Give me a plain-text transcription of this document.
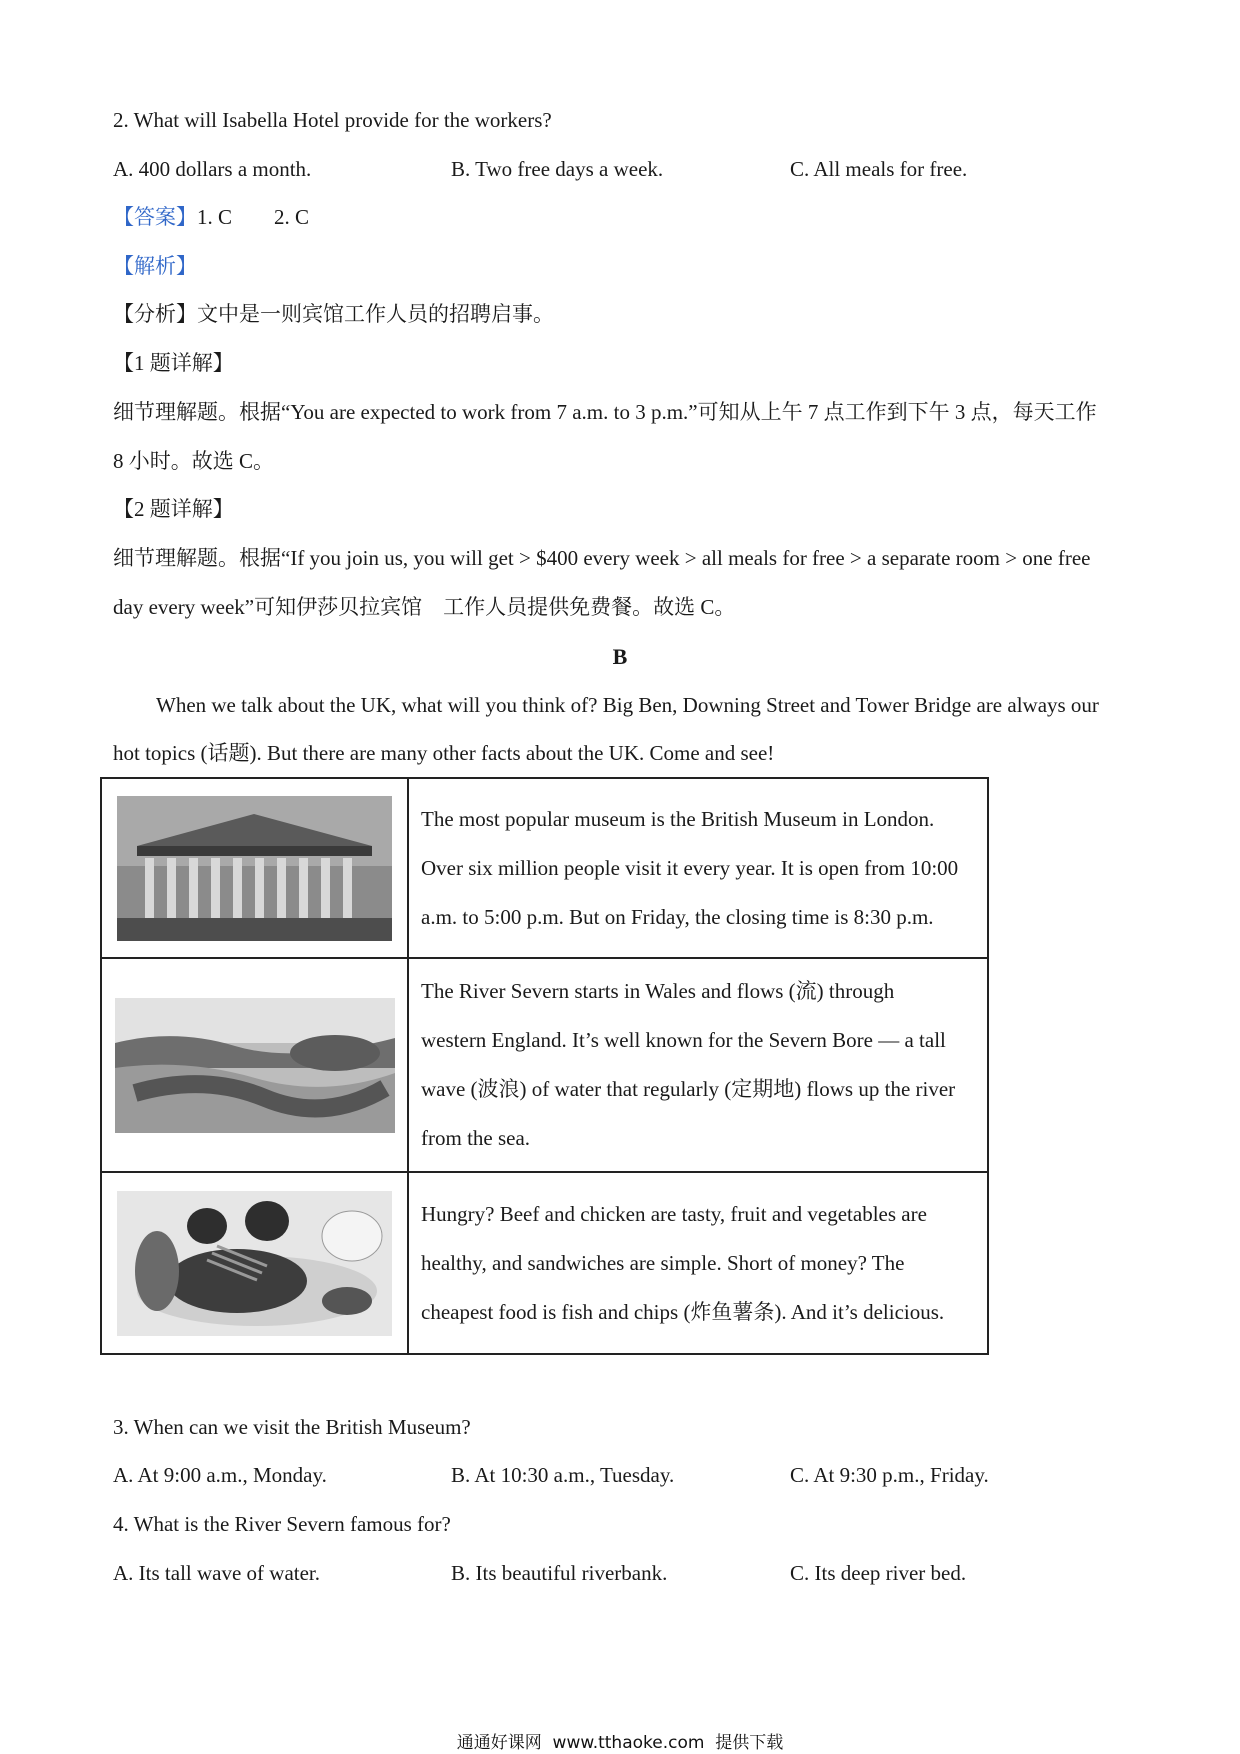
2. What will Isabella Hotel provide for the workers?
A. 400 dollars a month.	B. Two free days a week.	C. All meals for free.
【答案】1. C        2. C
【解析】
【分析】文中是一则宾馆工作人员的招聘启事。
【1 题详解】
细节理解题。根据“You are expected to work from 7 a.m. to 3 p.m.”可知从上午 7 点工作到下午 3 点，每天工作
8 小时。故选 C。
【2 题详解】
细节理解题。根据“If you join us, you will get > $400 every week > all meals for free > a separate room > one free
day every week”可知伊莎贝拉宾馆    工作人员提供免费餐。故选 C。
B
When we talk about the UK, what will you think of? Big Ben, Downing Street and Tower Bridge are always our
hot topics (话题). But there are many other facts about the UK. Come and see!

The most popular museum is the British Museum in London.
Over six million people visit it every year. It is open from 10:00
a.m. to 5:00 p.m. But on Friday, the closing time is 8:30 p.m.

The River Severn starts in Wales and flows (流) through
western England. It’s well known for the Severn Bore — a tall
wave (波浪) of water that regularly (定期地) flows up the river
from the sea.

Hungry? Beef and chicken are tasty, fruit and vegetables are
healthy, and sandwiches are simple. Short of money? The
cheapest food is fish and chips (炸鱼薯条). And it’s delicious.
3. When can we visit the British Museum?
A. At 9:00 a.m., Monday.	B. At 10:30 a.m., Tuesday.	C. At 9:30 p.m., Friday.
4. What is the River Severn famous for?
A. Its tall wave of water.	B. Its beautiful riverbank.	C. Its deep river bed.
通通好课网  www.tthaoke.com  提供下载
